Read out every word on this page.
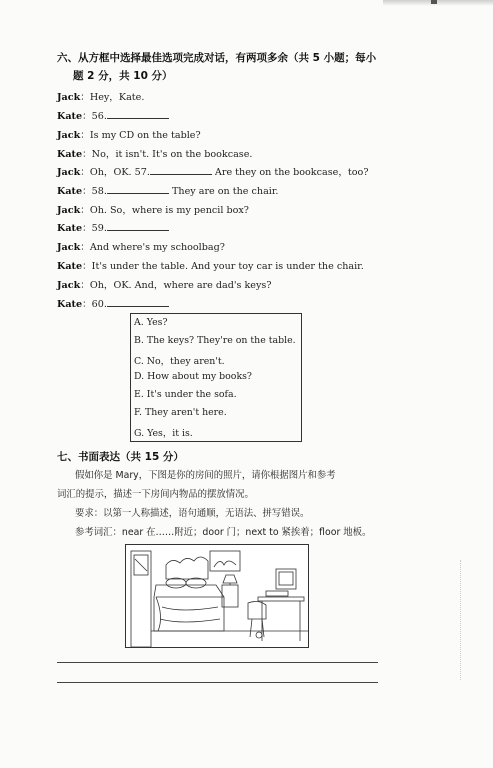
六、从方框中选择最佳选项完成对话，有两项多余（共 5 小题；每小
题 2 分，共 10 分）
Jack：Hey，Kate.
Kate：56.
Jack：Is my CD on the table?
Kate：No，it isn't. It's on the bookcase.
Jack：Oh，OK. 57.	Are they on the bookcase，too?
Kate：58.	They are on the chair.
Jack：Oh. So，where is my pencil box?
Kate：59.
Jack：And where's my schoolbag?
Kate：It's under the table. And your toy car is under the chair.
Jack：Oh，OK. And，where are dad's keys?
Kate：60.
A. Yes?
B. The keys? They're on the table.
C. No，they aren't.
D. How about my books?
E. It's under the sofa.
F. They aren't here.
G. Yes，it is.
七、书面表达（共 15 分）
假如你是 Mary，下图是你的房间的照片，请你根据图片和参考
词汇的提示，描述一下房间内物品的摆放情况。
要求：以第一人称描述，语句通顺，无语法、拼写错误。
参考词汇：near 在……附近；door 门；next to 紧挨着；floor 地板。
